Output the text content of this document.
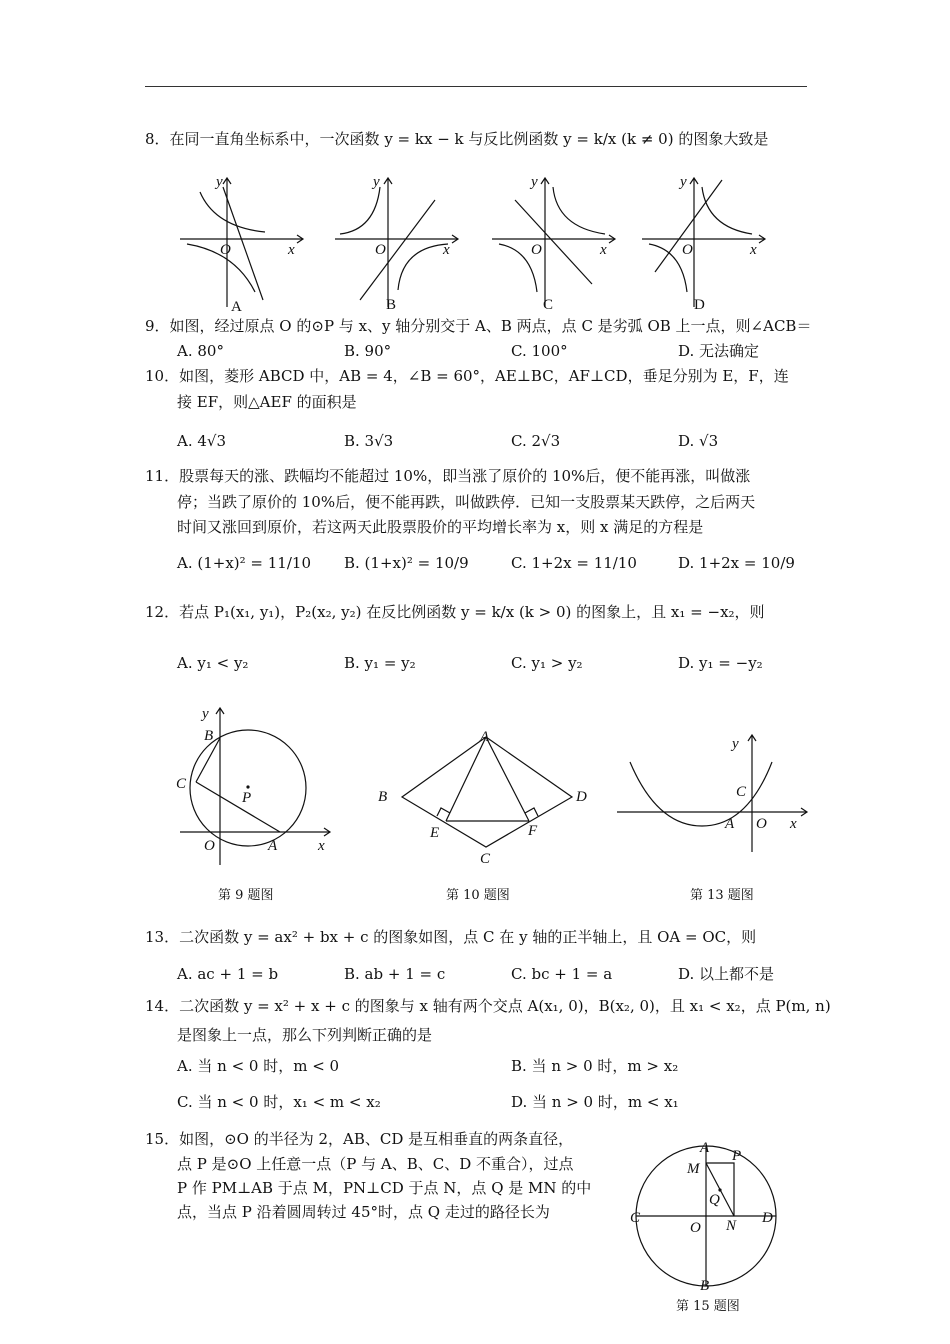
8．在同一直角坐标系中，一次函数 y = kx − k 与反比例函数 y = k/x (k ≠ 0) 的图象大致是
y
O	x
A
y
O	x
B
y
O	x
C
y
O	x
D
9．如图，经过原点 O 的⊙P 与 x、y 轴分别交于 A、B 两点，点 C 是劣弧 OB 上一点，则∠ACB＝
A. 80°	B. 90°	C. 100°	D. 无法确定
10．如图，菱形 ABCD 中，AB = 4，∠B = 60°，AE⊥BC，AF⊥CD，垂足分别为 E，F，连
接 EF，则△AEF 的面积是
A. 4√3	B. 3√3	C. 2√3	D. √3
11．股票每天的涨、跌幅均不能超过 10%，即当涨了原价的 10%后，便不能再涨，叫做涨
停；当跌了原价的 10%后，便不能再跌，叫做跌停．已知一支股票某天跌停，之后两天
时间又涨回到原价，若这两天此股票股价的平均增长率为 x，则 x 满足的方程是
A. (1+x)² = 11/10 B. (1+x)² = 10/9	C. 1+2x = 11/10	D. 1+2x = 10/9
12．若点 P₁(x₁, y₁)，P₂(x₂, y₂) 在反比例函数 y = k/x (k > 0) 的图象上，且 x₁ = −x₂，则
A. y₁ < y₂	B. y₁ = y₂	C. y₁ > y₂	D. y₁ = −y₂
y
B
C
P
O	A	x
第 9 题图
A
B	D
E	F
C
第 10 题图
y
C
A O x
第 13 题图
13．二次函数 y = ax² + bx + c 的图象如图，点 C 在 y 轴的正半轴上，且 OA = OC，则
A. ac + 1 = b	B. ab + 1 = c	C. bc + 1 = a	D. 以上都不是
14．二次函数 y = x² + x + c 的图象与 x 轴有两个交点 A(x₁, 0)，B(x₂, 0)，且 x₁ < x₂，点 P(m, n)
是图象上一点，那么下列判断正确的是
A. 当 n < 0 时，m < 0	B. 当 n > 0 时，m > x₂
C. 当 n < 0 时，x₁ < m < x₂	D. 当 n > 0 时，m < x₁
15．如图，⊙O 的半径为 2，AB、CD 是互相垂直的两条直径，
点 P 是⊙O 上任意一点（P 与 A、B、C、D 不重合），过点
P 作 PM⊥AB 于点 M，PN⊥CD 于点 N，点 Q 是 MN 的中
点，当点 P 沿着圆周转过 45°时，点 Q 走过的路径长为
A P
M
Q
C
O N D
B
第 15 题图
